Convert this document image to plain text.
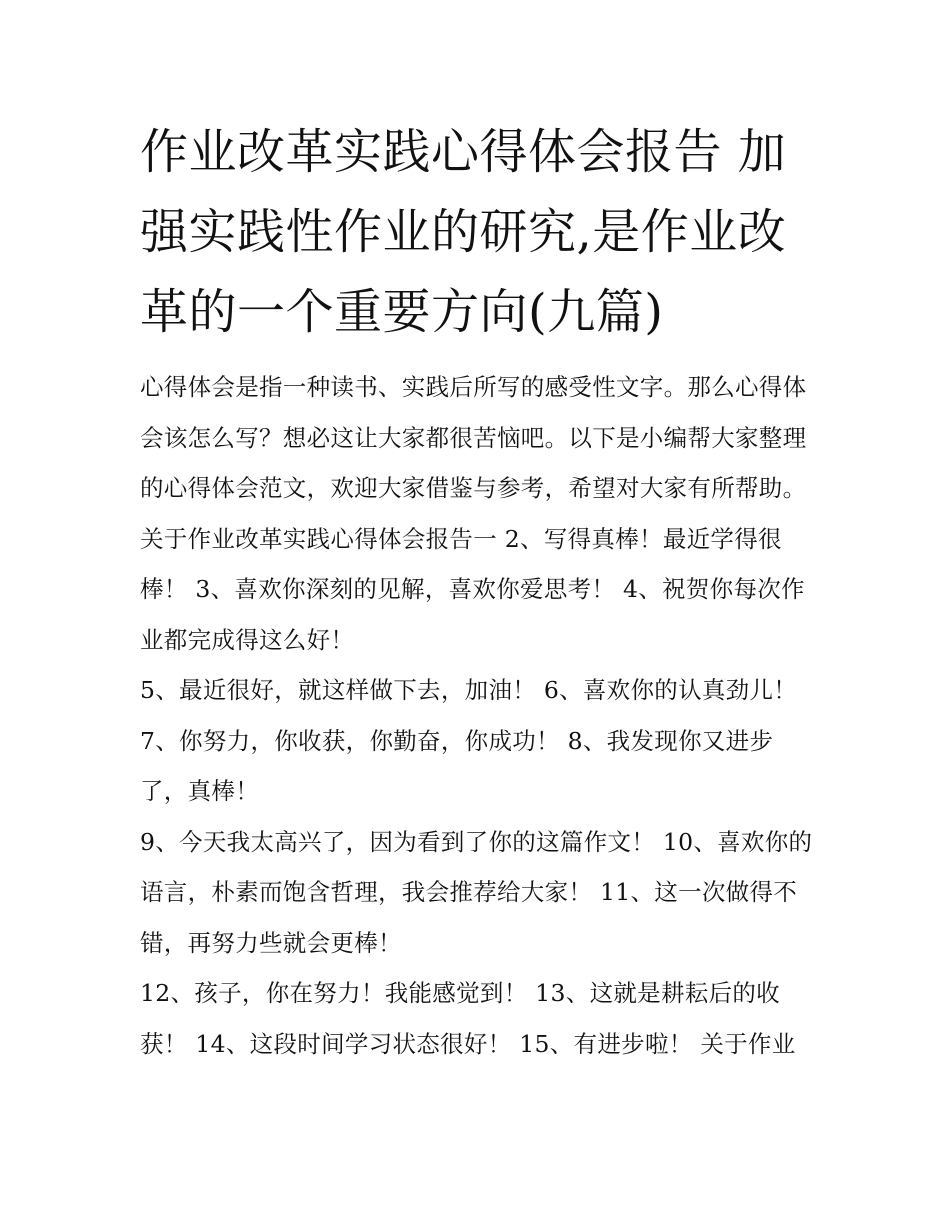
作业改革实践心得体会报告 加强实践性作业的研究,是作业改革的一个重要方向(九篇)

心得体会是指一种读书、实践后所写的感受性文字。那么心得体会该怎么写？想必这让大家都很苦恼吧。以下是小编帮大家整理的心得体会范文，欢迎大家借鉴与参考，希望对大家有所帮助。

关于作业改革实践心得体会报告一 2、写得真棒！最近学得很棒！ 3、喜欢你深刻的见解，喜欢你爱思考！ 4、祝贺你每次作业都完成得这么好！

5、最近很好，就这样做下去，加油！ 6、喜欢你的认真劲儿！ 7、你努力，你收获，你勤奋，你成功！ 8、我发现你又进步了，真棒！

9、今天我太高兴了，因为看到了你的这篇作文！ 10、喜欢你的语言，朴素而饱含哲理，我会推荐给大家！ 11、这一次做得不错，再努力些就会更棒！

12、孩子，你在努力！我能感觉到！ 13、这就是耕耘后的收获！ 14、这段时间学习状态很好！ 15、有进步啦！ 关于作业
